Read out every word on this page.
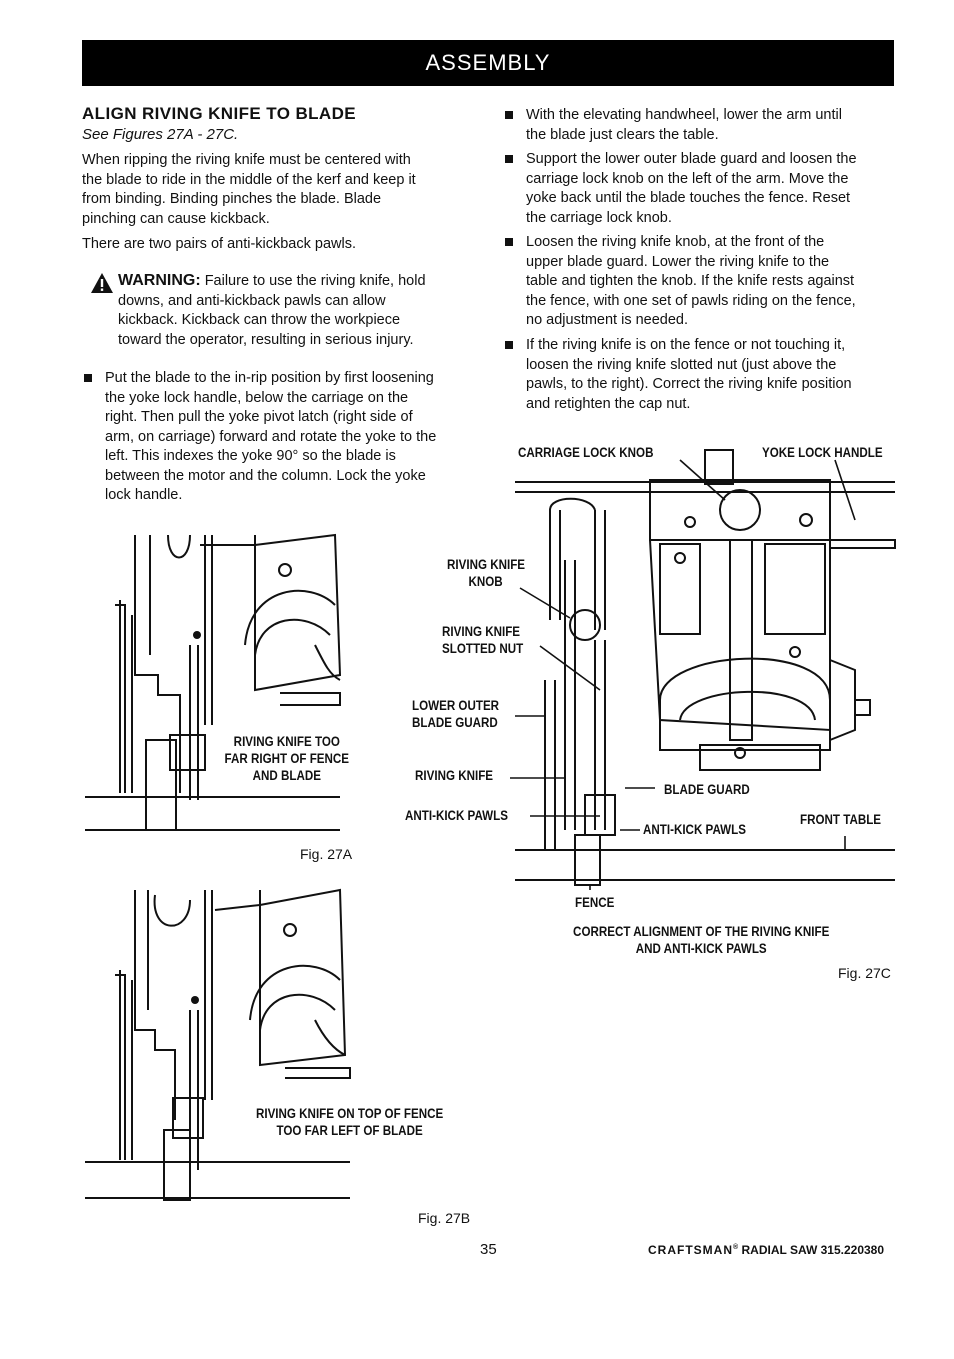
ASSEMBLY
ALIGN RIVING KNIFE TO BLADE
See Figures 27A - 27C.
When ripping the riving knife must be centered with
the blade to ride in the middle of the kerf and keep it
from binding. Binding pinches the blade. Blade
pinching can cause kickback.
There are two pairs of anti-kickback pawls.
WARNING: Failure to use the riving knife, hold
downs, and anti-kickback pawls can allow
kickback. Kickback can throw the workpiece
toward the operator, resulting in serious injury.
Put the blade to the in-rip position by first loosening
the yoke lock handle, below the carriage on the
right. Then pull the yoke pivot latch (right side of
arm, on carriage) forward and rotate the yoke to the
left. This indexes the yoke 90° so the blade is
between the motor and the column. Lock the yoke
lock handle.
With the elevating handwheel, lower the arm until
the blade just clears the table.
Support the lower outer blade guard and loosen the
carriage lock knob on the left of the arm. Move the
yoke back until the blade touches the fence. Reset
the carriage lock knob.
Loosen the riving knife knob, at the front of the
upper blade guard. Lower the riving knife to the
table and tighten the knob. If the knife rests against
the fence, with one set of pawls riding on the fence,
no adjustment is needed.
If the riving knife is on the fence or not touching it,
loosen the riving knife slotted nut (just above the
pawls, to the right). Correct the riving knife position
and retighten the cap nut.
RIVING KNIFE TOO
FAR RIGHT OF FENCE
AND BLADE
Fig. 27A
RIVING KNIFE ON TOP OF FENCE
TOO FAR LEFT OF BLADE
Fig. 27B
CARRIAGE LOCK KNOB	YOKE LOCK HANDLE
RIVING KNIFE
KNOB
RIVING KNIFE
SLOTTED NUT
LOWER OUTER
BLADE GUARD
RIVING KNIFE
ANTI-KICK PAWLS
BLADE GUARD
ANTI-KICK PAWLS
FRONT TABLE
FENCE
CORRECT ALIGNMENT OF THE RIVING KNIFE
AND ANTI-KICK PAWLS
Fig. 27C
35	CRAFTSMAN® RADIAL SAW 315.220380
